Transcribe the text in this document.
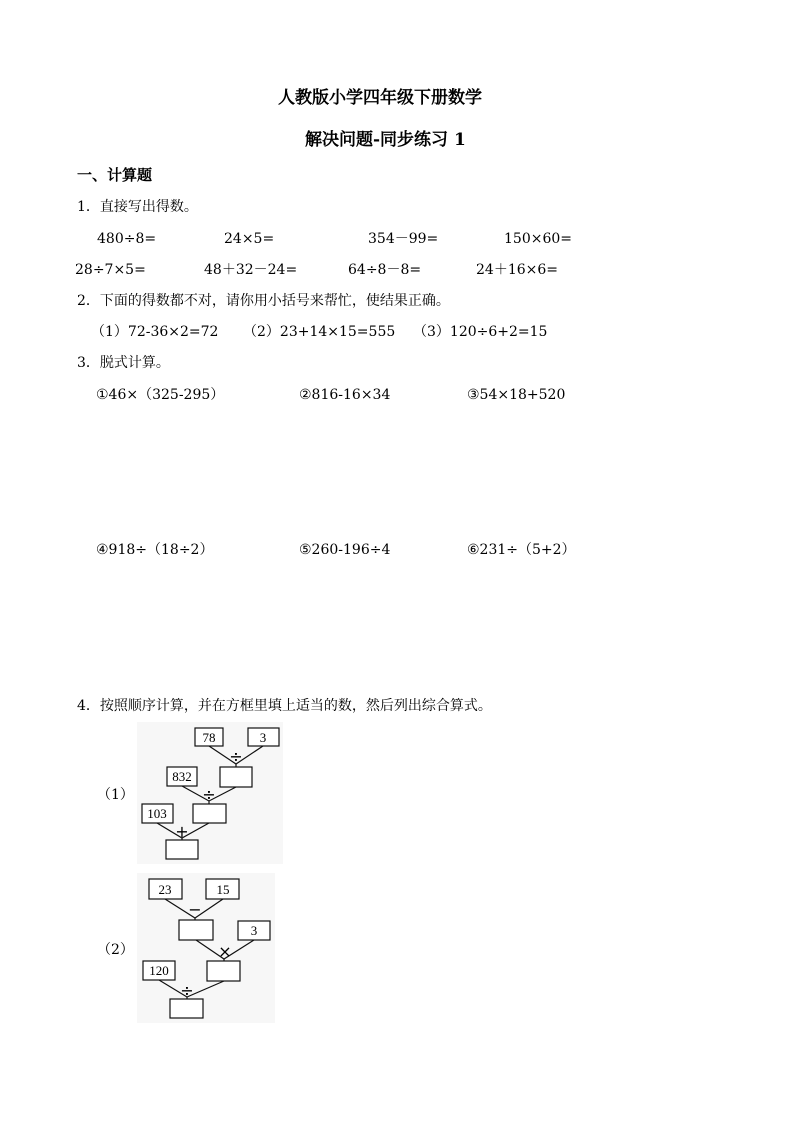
人教版小学四年级下册数学
解决问题-同步练习 1
一、计算题
1．直接写出得数。
480÷8=	24×5=	354－99=	150×60=
28÷7×5=	48＋32－24=	64÷8－8=	24＋16×6=
2．下面的得数都不对，请你用小括号来帮忙，使结果正确。
（1）72-36×2=72 （2）23+14×15=555 （3）120÷6+2=15
3．脱式计算。
①46×（325-295）	②816-16×34	③54×18+520
④918÷（18÷2）	⑤260-196÷4	⑥231÷（5+2）
4．按照顺序计算，并在方框里填上适当的数，然后列出综合算式。
（1）
78	3
÷
832
÷
103
+
（2）
23	15
−
3
×
120
÷
